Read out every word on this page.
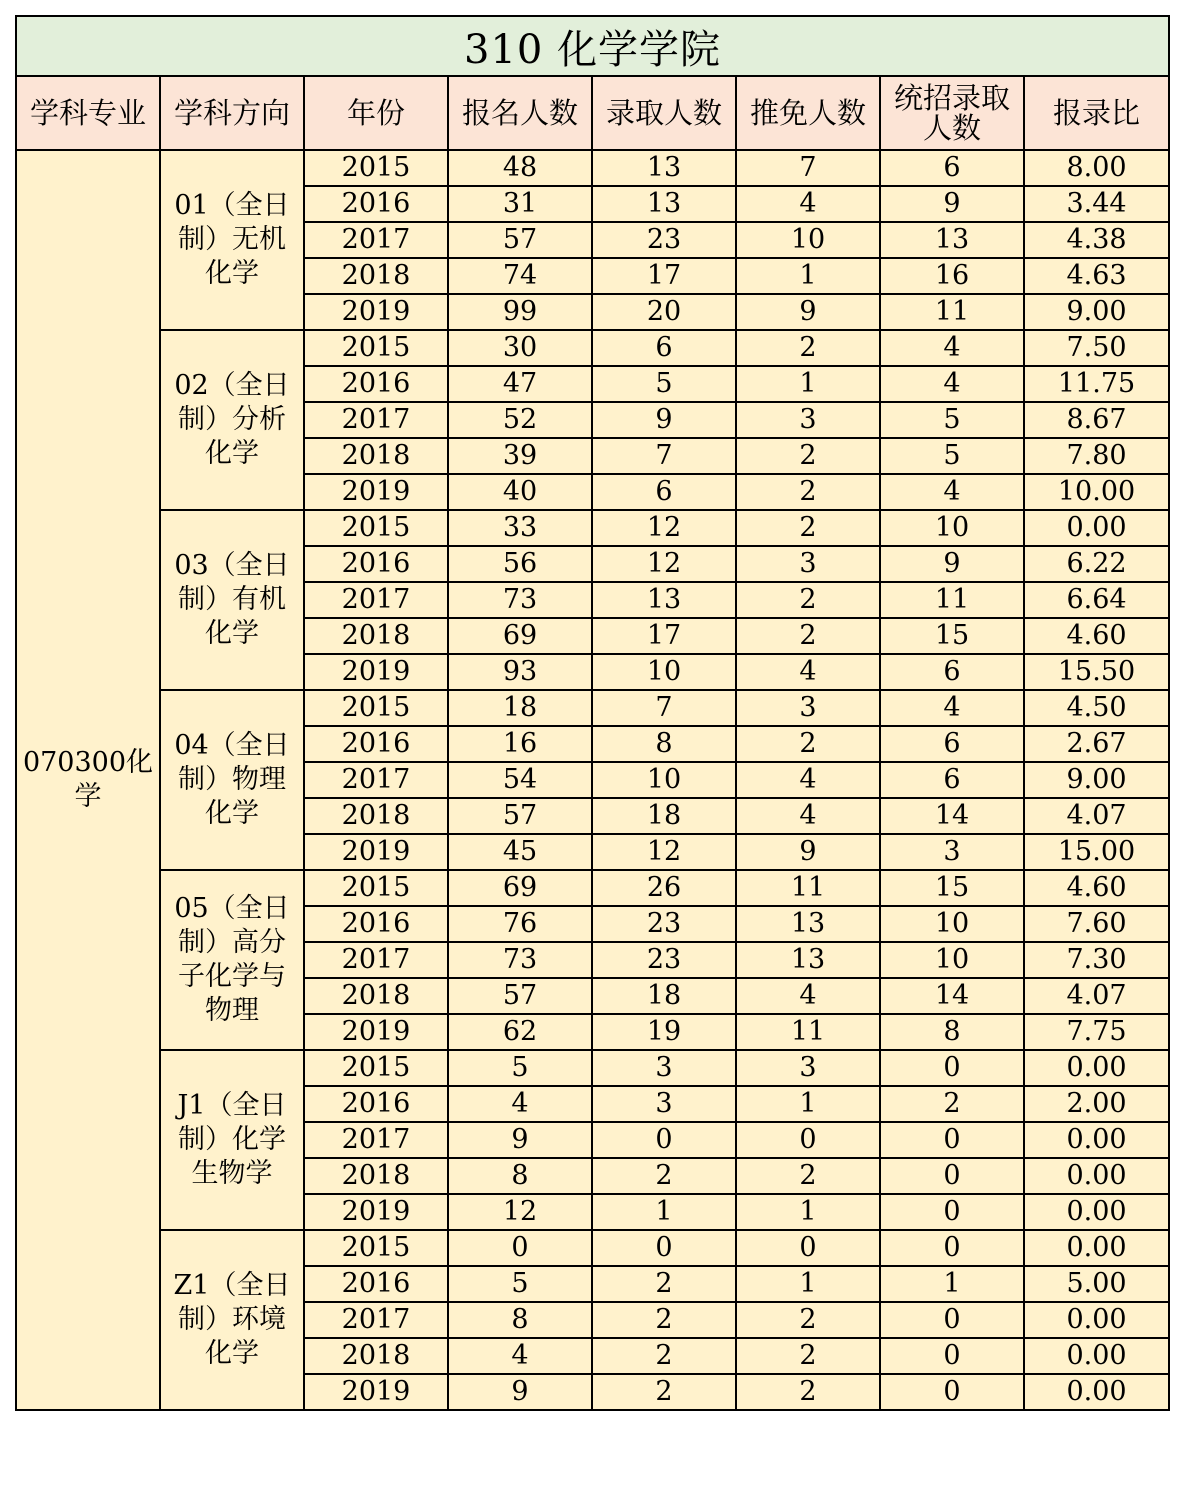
310 化学学院							
学科专业	学科方向	年份	报名人数	录取人数	推免人数	统招录取人数	报录比
070300化学	01（全日制）无机化学	2015	48	13	7	6	8.00
		2016	31	13	4	9	3.44
		2017	57	23	10	13	4.38
		2018	74	17	1	16	4.63
		2019	99	20	9	11	9.00
	02（全日制）分析化学	2015	30	6	2	4	7.50
		2016	47	5	1	4	11.75
		2017	52	9	3	5	8.67
		2018	39	7	2	5	7.80
		2019	40	6	2	4	10.00
	03（全日制）有机化学	2015	33	12	2	10	0.00
		2016	56	12	3	9	6.22
		2017	73	13	2	11	6.64
		2018	69	17	2	15	4.60
		2019	93	10	4	6	15.50
	04（全日制）物理化学	2015	18	7	3	4	4.50
		2016	16	8	2	6	2.67
		2017	54	10	4	6	9.00
		2018	57	18	4	14	4.07
		2019	45	12	9	3	15.00
	05（全日制）高分子化学与物理	2015	69	26	11	15	4.60
		2016	76	23	13	10	7.60
		2017	73	23	13	10	7.30
		2018	57	18	4	14	4.07
		2019	62	19	11	8	7.75
	J1（全日制）化学生物学	2015	5	3	3	0	0.00
		2016	4	3	1	2	2.00
		2017	9	0	0	0	0.00
		2018	8	2	2	0	0.00
		2019	12	1	1	0	0.00
	Z1（全日制）环境化学	2015	0	0	0	0	0.00
		2016	5	2	1	1	5.00
		2017	8	2	2	0	0.00
		2018	4	2	2	0	0.00
		2019	9	2	2	0	0.00
